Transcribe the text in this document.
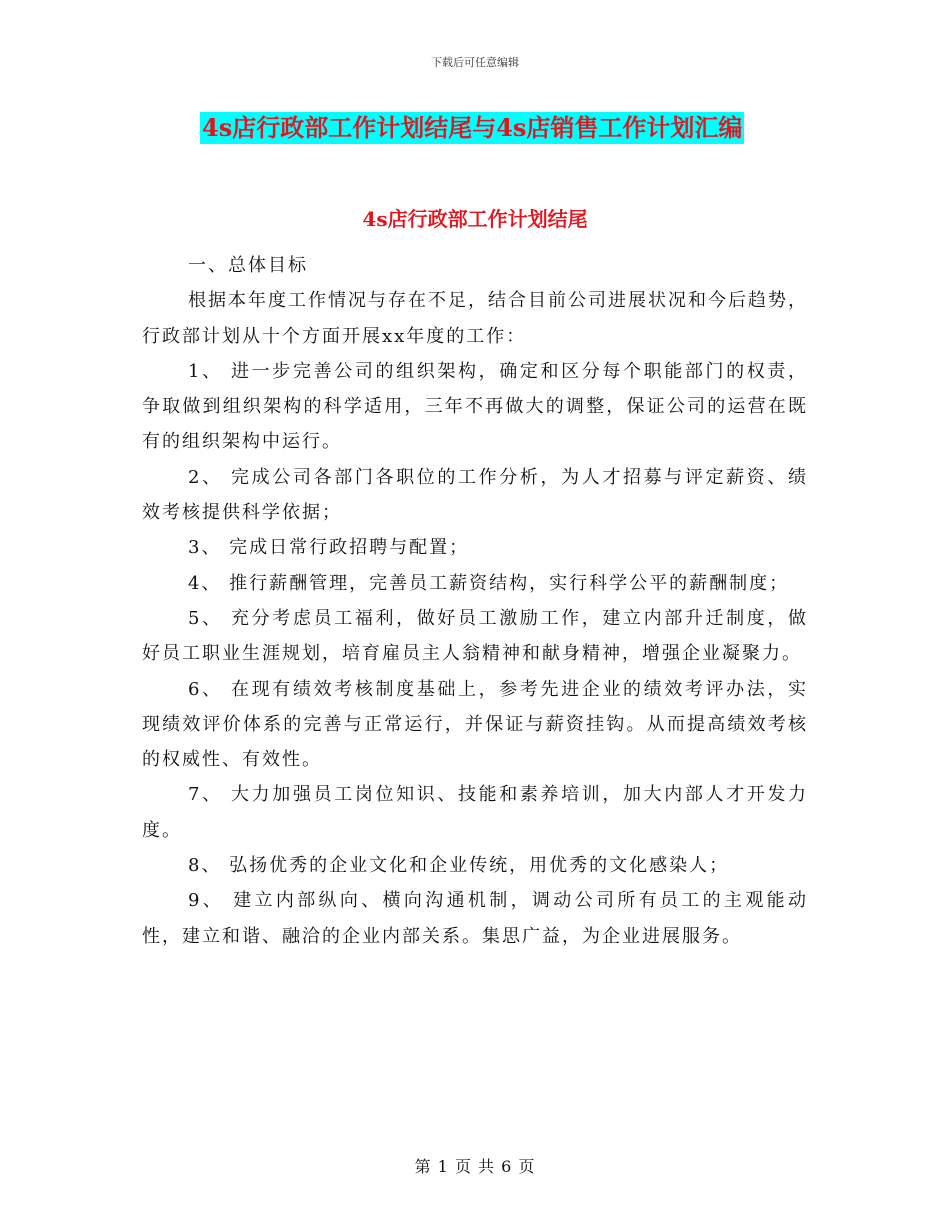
下载后可任意编辑
4s店行政部工作计划结尾与4s店销售工作计划汇编
4s店行政部工作计划结尾

一、总体目标

根据本年度工作情况与存在不足，结合目前公司进展状况和今后趋势，行政部计划从十个方面开展xx年度的工作：

1、 进一步完善公司的组织架构，确定和区分每个职能部门的权责，争取做到组织架构的科学适用，三年不再做大的调整，保证公司的运营在既有的组织架构中运行。

2、 完成公司各部门各职位的工作分析，为人才招募与评定薪资、绩效考核提供科学依据；

3、 完成日常行政招聘与配置；

4、 推行薪酬管理，完善员工薪资结构，实行科学公平的薪酬制度；

5、 充分考虑员工福利，做好员工激励工作，建立内部升迁制度，做好员工职业生涯规划，培育雇员主人翁精神和献身精神，增强企业凝聚力。

6、 在现有绩效考核制度基础上，参考先进企业的绩效考评办法，实现绩效评价体系的完善与正常运行，并保证与薪资挂钩。从而提高绩效考核的权威性、有效性。

7、 大力加强员工岗位知识、技能和素养培训，加大内部人才开发力度。

8、 弘扬优秀的企业文化和企业传统，用优秀的文化感染人；

9、 建立内部纵向、横向沟通机制，调动公司所有员工的主观能动性，建立和谐、融洽的企业内部关系。集思广益，为企业进展服务。

第 1 页 共 6 页
